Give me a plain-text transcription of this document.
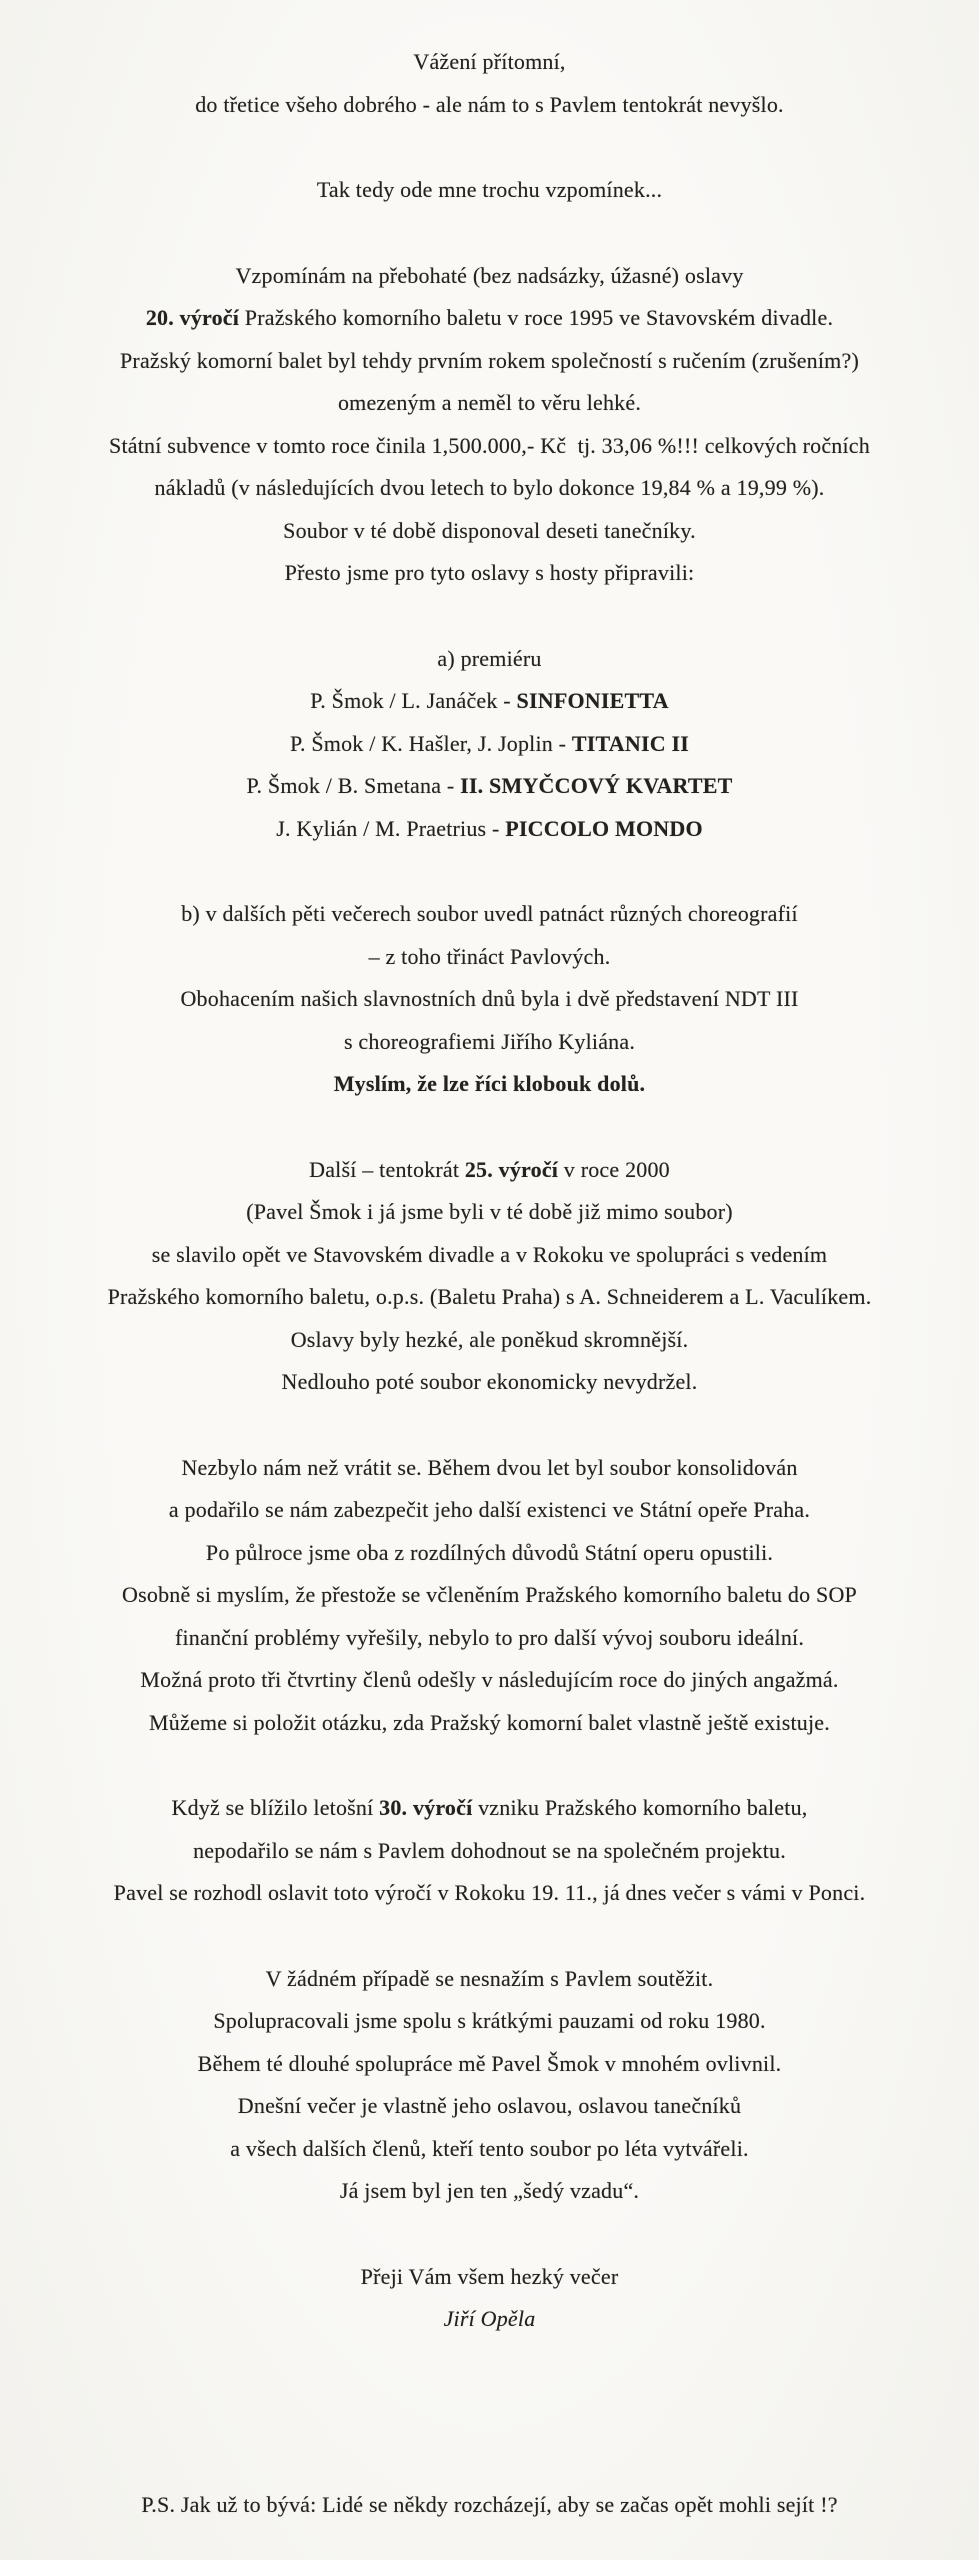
Vážení přítomní,
do třetice všeho dobrého - ale nám to s Pavlem tentokrát nevyšlo.
Tak tedy ode mne trochu vzpomínek...
Vzpomínám na přebohaté (bez nadsázky, úžasné) oslavy
20. výročí Pražského komorního baletu v roce 1995 ve Stavovském divadle.
Pražský komorní balet byl tehdy prvním rokem společností s ručením (zrušením?)
omezeným a neměl to věru lehké.
Státní subvence v tomto roce činila 1,500.000,- Kč  tj. 33,06 %!!! celkových ročních
nákladů (v následujících dvou letech to bylo dokonce 19,84 % a 19,99 %).
Soubor v té době disponoval deseti tanečníky.
Přesto jsme pro tyto oslavy s hosty připravili:
a) premiéru
P. Šmok / L. Janáček - SINFONIETTA
P. Šmok / K. Hašler, J. Joplin - TITANIC II
P. Šmok / B. Smetana - II. SMYČCOVÝ KVARTET
J. Kylián / M. Praetrius - PICCOLO MONDO
b) v dalších pěti večerech soubor uvedl patnáct různých choreografií
– z toho třináct Pavlových.
Obohacením našich slavnostních dnů byla i dvě představení NDT III
s choreografiemi Jiřího Kyliána.
Myslím, že lze říci klobouk dolů.
Další – tentokrát 25. výročí v roce 2000
(Pavel Šmok i já jsme byli v té době již mimo soubor)
se slavilo opět ve Stavovském divadle a v Rokoku ve spolupráci s vedením
Pražského komorního baletu, o.p.s. (Baletu Praha) s A. Schneiderem a L. Vaculíkem.
Oslavy byly hezké, ale poněkud skromnější.
Nedlouho poté soubor ekonomicky nevydržel.
Nezbylo nám než vrátit se. Během dvou let byl soubor konsolidován
a podařilo se nám zabezpečit jeho další existenci ve Státní opeře Praha.
Po půlroce jsme oba z rozdílných důvodů Státní operu opustili.
Osobně si myslím, že přestože se včleněním Pražského komorního baletu do SOP
finanční problémy vyřešily, nebylo to pro další vývoj souboru ideální.
Možná proto tři čtvrtiny členů odešly v následujícím roce do jiných angažmá.
Můžeme si položit otázku, zda Pražský komorní balet vlastně ještě existuje.
Když se blížilo letošní 30. výročí vzniku Pražského komorního baletu,
nepodařilo se nám s Pavlem dohodnout se na společném projektu.
Pavel se rozhodl oslavit toto výročí v Rokoku 19. 11., já dnes večer s vámi v Ponci.
V žádném případě se nesnažím s Pavlem soutěžit.
Spolupracovali jsme spolu s krátkými pauzami od roku 1980.
Během té dlouhé spolupráce mě Pavel Šmok v mnohém ovlivnil.
Dnešní večer je vlastně jeho oslavou, oslavou tanečníků
a všech dalších členů, kteří tento soubor po léta vytvářeli.
Já jsem byl jen ten „šedý vzadu“.
Přeji Vám všem hezký večer
Jiří Opěla
P.S. Jak už to bývá: Lidé se někdy rozcházejí, aby se začas opět mohli sejít !?
